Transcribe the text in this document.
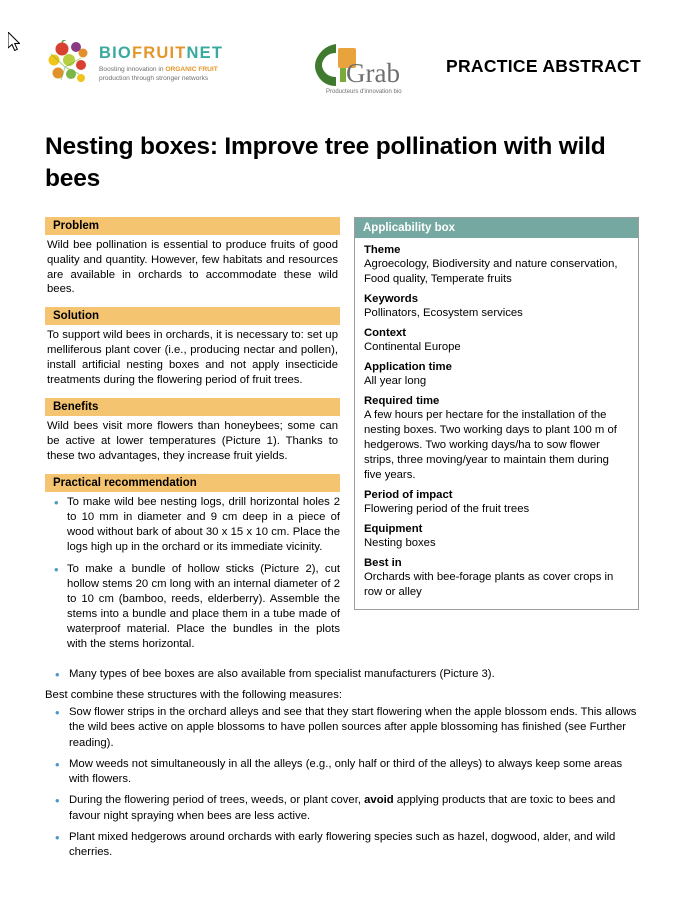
BIOFRUITNET
Boosting innovation in ORGANIC FRUIT
production through stronger networks	Grab
Producteurs d'innovation bio
PRACTICE ABSTRACT
Nesting boxes: Improve tree pollination with wild bees
Problem
Wild bee pollination is essential to produce fruits of good quality and quantity. However, few habitats and resources are available in orchards to accommodate these wild bees.
Solution
To support wild bees in orchards, it is necessary to: set up melliferous plant cover (i.e., producing nectar and pollen), install artificial nesting boxes and not apply insecticide treatments during the flowering period of fruit trees.
Benefits
Wild bees visit more flowers than honeybees; some can be active at lower temperatures (Picture 1). Thanks to these two advantages, they increase fruit yields.
Practical recommendation
• To make wild bee nesting logs, drill horizontal holes 2 to 10 mm in diameter and 9 cm deep in a piece of wood without bark of about 30 x 15 x 10 cm. Place the logs high up in the orchard or its immediate vicinity.
• To make a bundle of hollow sticks (Picture 2), cut hollow stems 20 cm long with an internal diameter of 2 to 10 cm (bamboo, reeds, elderberry). Assemble the stems into a bundle and place them in a tube made of waterproof material. Place the bundles in the plots with the stems horizontal.
Applicability box
Theme
Agroecology, Biodiversity and nature conservation, Food quality, Temperate fruits
Keywords
Pollinators, Ecosystem services
Context
Continental Europe
Application time
All year long
Required time
A few hours per hectare for the installation of the nesting boxes. Two working days to plant 100 m of hedgerows. Two working days/ha to sow flower strips, three moving/year to maintain them during five years.
Period of impact
Flowering period of the fruit trees
Equipment
Nesting boxes
Best in
Orchards with bee-forage plants as cover crops in row or alley
• Many types of bee boxes are also available from specialist manufacturers (Picture 3).
Best combine these structures with the following measures:
• Sow flower strips in the orchard alleys and see that they start flowering when the apple blossom ends. This allows the wild bees active on apple blossoms to have pollen sources after apple blossoming has finished (see Further reading).
• Mow weeds not simultaneously in all the alleys (e.g., only half or third of the alleys) to always keep some areas with flowers.
• During the flowering period of trees, weeds, or plant cover, avoid applying products that are toxic to bees and favour night spraying when bees are less active.
• Plant mixed hedgerows around orchards with early flowering species such as hazel, dogwood, alder, and wild cherries.
